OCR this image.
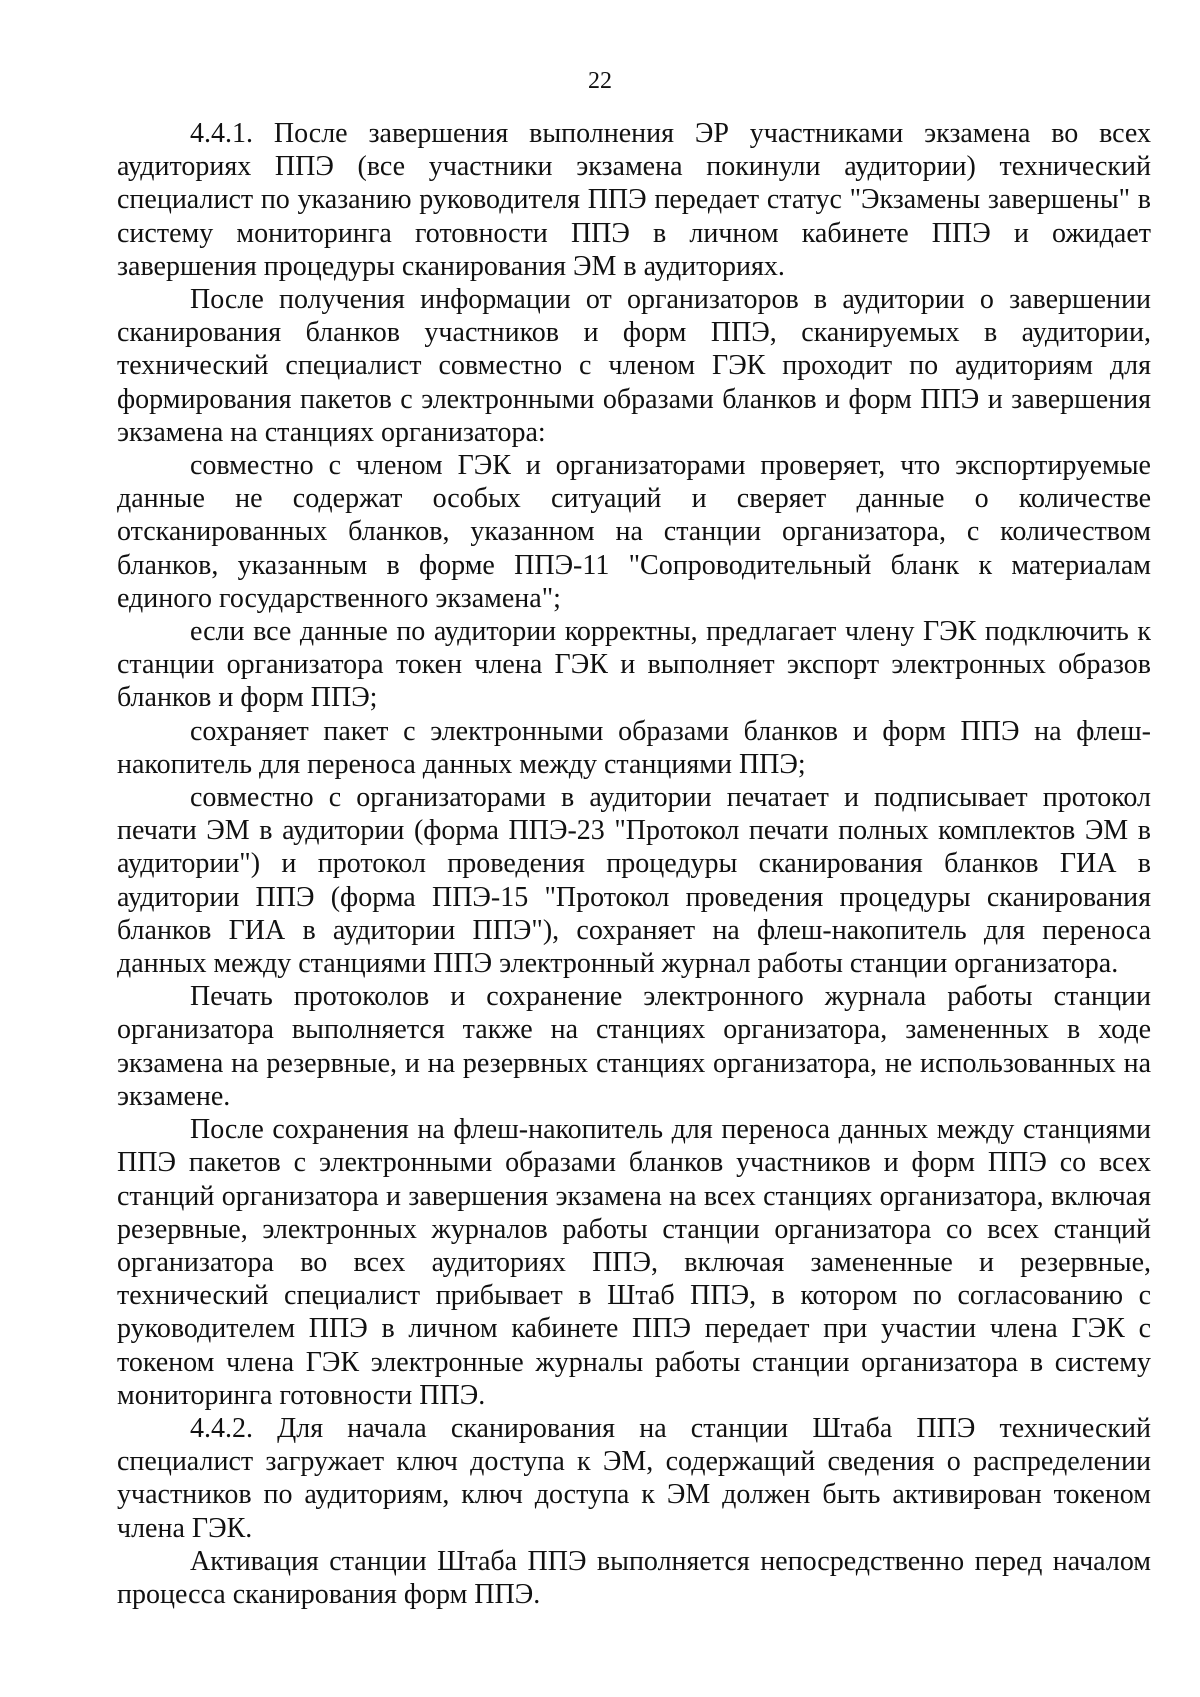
22

4.4.1. После завершения выполнения ЭР участниками экзамена во всех аудиториях ППЭ (все участники экзамена покинули аудитории) технический специалист по указанию руководителя ППЭ передает статус "Экзамены завершены" в систему мониторинга готовности ППЭ в личном кабинете ППЭ и ожидает завершения процедуры сканирования ЭМ в аудиториях.

После получения информации от организаторов в аудитории о завершении сканирования бланков участников и форм ППЭ, сканируемых в аудитории, технический специалист совместно с членом ГЭК проходит по аудиториям для формирования пакетов с электронными образами бланков и форм ППЭ и завершения экзамена на станциях организатора:

совместно с членом ГЭК и организаторами проверяет, что экспортируемые данные не содержат особых ситуаций и сверяет данные о количестве отсканированных бланков, указанном на станции организатора, с количеством бланков, указанным в форме ППЭ-11 "Сопроводительный бланк к материалам единого государственного экзамена";

если все данные по аудитории корректны, предлагает члену ГЭК подключить к станции организатора токен члена ГЭК и выполняет экспорт электронных образов бланков и форм ППЭ;

сохраняет пакет с электронными образами бланков и форм ППЭ на флеш-накопитель для переноса данных между станциями ППЭ;

совместно с организаторами в аудитории печатает и подписывает протокол печати ЭМ в аудитории (форма ППЭ-23 "Протокол печати полных комплектов ЭМ в аудитории") и протокол проведения процедуры сканирования бланков ГИА в аудитории ППЭ (форма ППЭ-15 "Протокол проведения процедуры сканирования бланков ГИА в аудитории ППЭ"), сохраняет на флеш-накопитель для переноса данных между станциями ППЭ электронный журнал работы станции организатора.

Печать протоколов и сохранение электронного журнала работы станции организатора выполняется также на станциях организатора, замененных в ходе экзамена на резервные, и на резервных станциях организатора, не использованных на экзамене.

После сохранения на флеш-накопитель для переноса данных между станциями ППЭ пакетов с электронными образами бланков участников и форм ППЭ со всех станций организатора и завершения экзамена на всех станциях организатора, включая резервные, электронных журналов работы станции организатора со всех станций организатора во всех аудиториях ППЭ, включая замененные и резервные, технический специалист прибывает в Штаб ППЭ, в котором по согласованию с руководителем ППЭ в личном кабинете ППЭ передает при участии члена ГЭК с токеном члена ГЭК электронные журналы работы станции организатора в систему мониторинга готовности ППЭ.

4.4.2. Для начала сканирования на станции Штаба ППЭ технический специалист загружает ключ доступа к ЭМ, содержащий сведения о распределении участников по аудиториям, ключ доступа к ЭМ должен быть активирован токеном члена ГЭК.

Активация станции Штаба ППЭ выполняется непосредственно перед началом процесса сканирования форм ППЭ.
